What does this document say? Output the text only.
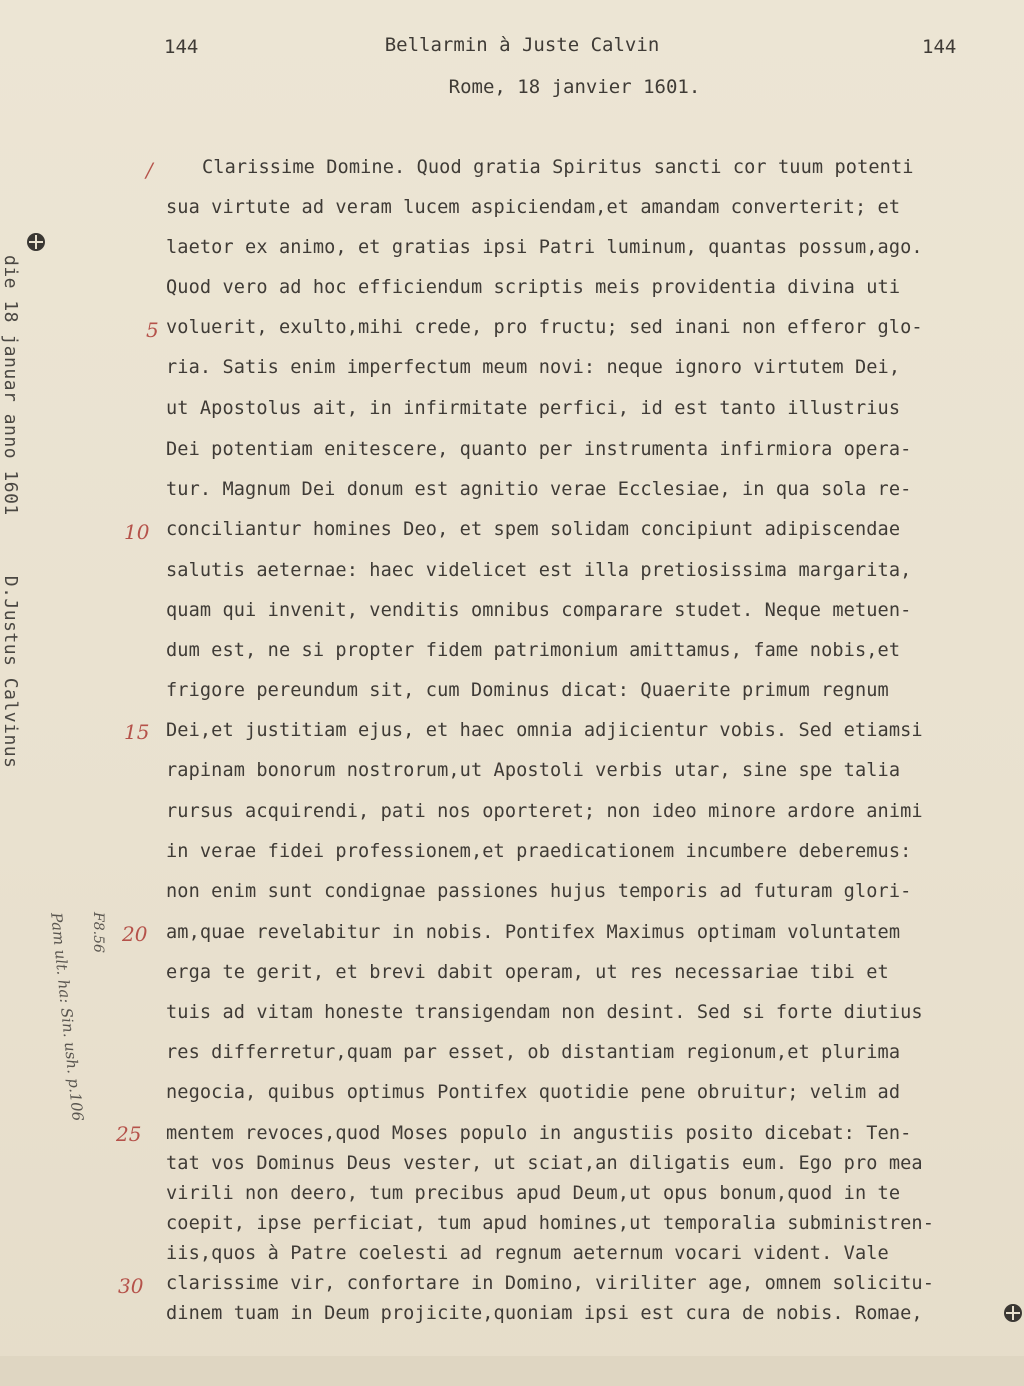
144	Bellarmin à Juste Calvin	144
Rome, 18 janvier 1601.
die 18 januar anno 1601D.Justus Calvinus
F8.56
Pam ult. ha: Sin. ush. p.106
/
5
10
15
20
25
30
Clarissime Domine. Quod gratia Spiritus sancti cor tuum potenti
sua virtute ad veram lucem aspiciendam,et amandam converterit; et
laetor ex animo, et gratias ipsi Patri luminum, quantas possum,ago.
Quod vero ad hoc efficiendum scriptis meis providentia divina uti
voluerit, exulto,mihi crede, pro fructu; sed inani non efferor glo-
ria. Satis enim imperfectum meum novi: neque ignoro virtutem Dei,
ut Apostolus ait, in infirmitate perfici, id est tanto illustrius
Dei potentiam enitescere, quanto per instrumenta infirmiora opera-
tur. Magnum Dei donum est agnitio verae Ecclesiae, in qua sola re-
conciliantur homines Deo, et spem solidam concipiunt adipiscendae
salutis aeternae: haec videlicet est illa pretiosissima margarita,
quam qui invenit, venditis omnibus comparare studet. Neque metuen-
dum est, ne si propter fidem patrimonium amittamus, fame nobis,et
frigore pereundum sit, cum Dominus dicat: Quaerite primum regnum
Dei,et justitiam ejus, et haec omnia adjicientur vobis. Sed etiamsi
rapinam bonorum nostrorum,ut Apostoli verbis utar, sine spe talia
rursus acquirendi, pati nos oporteret; non ideo minore ardore animi
in verae fidei professionem,et praedicationem incumbere deberemus:
non enim sunt condignae passiones hujus temporis ad futuram glori-
am,quae revelabitur in nobis. Pontifex Maximus optimam voluntatem
erga te gerit, et brevi dabit operam, ut res necessariae tibi et
tuis ad vitam honeste transigendam non desint. Sed si forte diutius
res differretur,quam par esset, ob distantiam regionum,et plurima
negocia, quibus optimus Pontifex quotidie pene obruitur; velim ad
mentem revoces,quod Moses populo in angustiis posito dicebat: Ten-
tat vos Dominus Deus vester, ut sciat,an diligatis eum. Ego pro mea
virili non deero, tum precibus apud Deum,ut opus bonum,quod in te
coepit, ipse perficiat, tum apud homines,ut temporalia subministren-
iis,quos à Patre coelesti ad regnum aeternum vocari vident. Vale
clarissime vir, confortare in Domino, viriliter age, omnem solicitu-
dinem tuam in Deum projicite,quoniam ipsi est cura de nobis. Romae,
